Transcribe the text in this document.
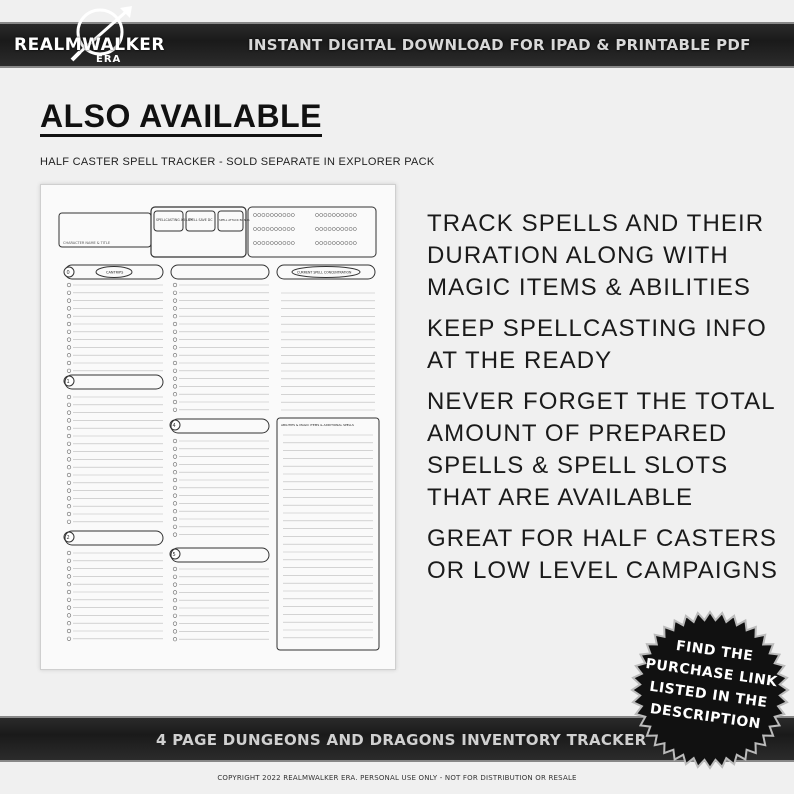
INSTANT DIGITAL DOWNLOAD FOR IPAD & PRINTABLE PDF
REALMWALKER
ERA
ALSO AVAILABLE
HALF CASTER SPELL TRACKER - SOLD SEPARATE IN EXPLORER PACK
CHARACTER NAME & TITLE
SPELLCASTING ABILITY
SPELL SAVE DC SPELL ATTACK BONUS
CANTRIPS	CURRENT SPELL CONCENTRATION
0
1
2
4
5
ABILITIES & MAGIC ITEMS & ADDITIONAL SPELLS
TRACK SPELLS AND THEIR DURATION ALONG WITH MAGIC ITEMS & ABILITIES
KEEP SPELLCASTING INFO AT THE READY
NEVER FORGET THE TOTAL AMOUNT OF PREPARED SPELLS & SPELL SLOTS THAT ARE AVAILABLE
GREAT FOR HALF CASTERS OR LOW LEVEL CAMPAIGNS
4 PAGE DUNGEONS AND DRAGONS INVENTORY TRACKER
COPYRIGHT 2022 REALMWALKER ERA. PERSONAL USE ONLY - NOT FOR DISTRIBUTION OR RESALE
FIND THE PURCHASE LINK LISTED IN THE DESCRIPTION
